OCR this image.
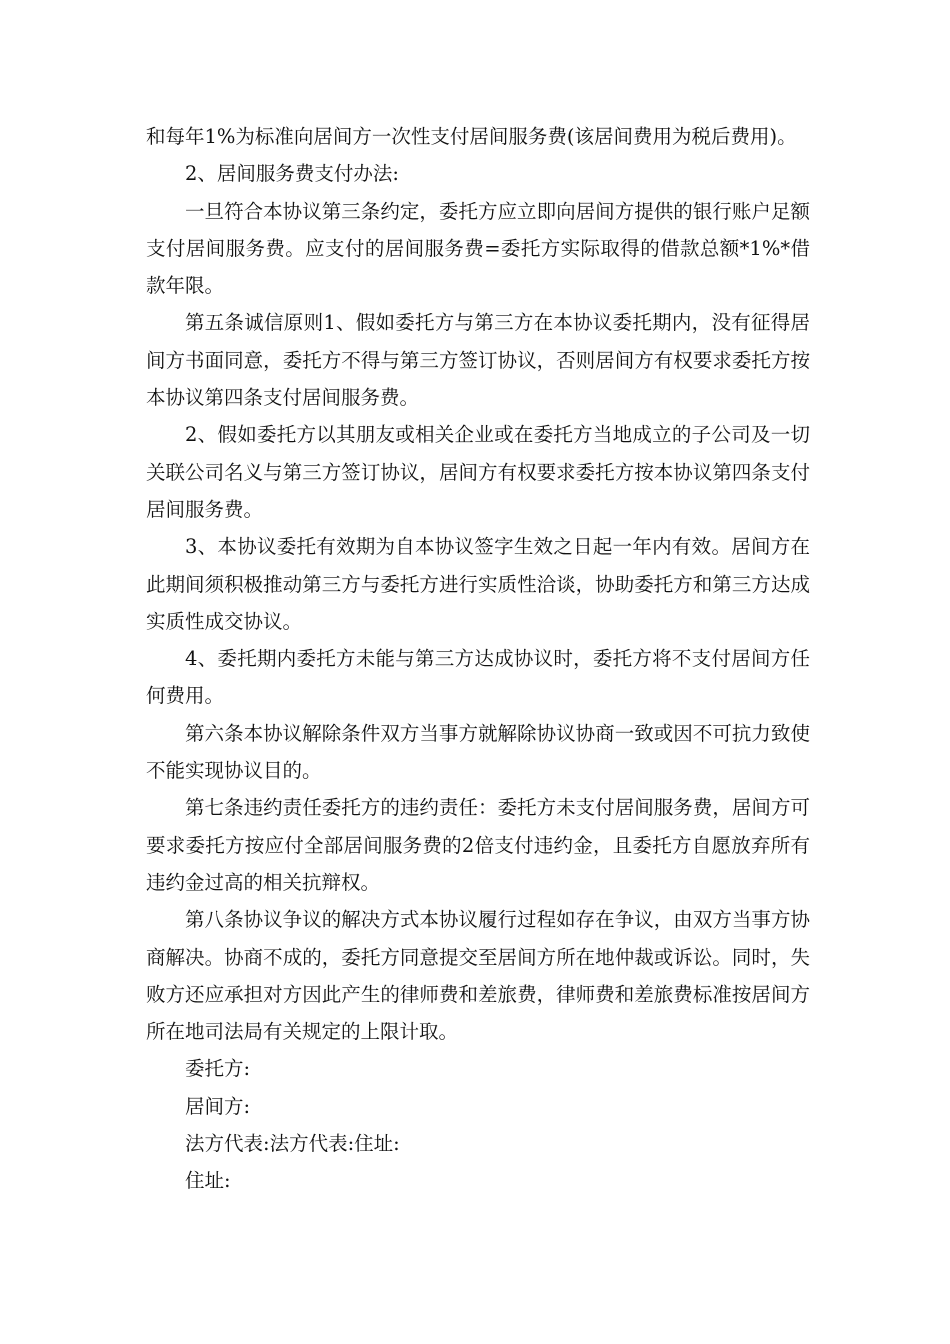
和每年1%为标准向居间方一次性支付居间服务费(该居间费用为税后费用)。

2、居间服务费支付办法:

一旦符合本协议第三条约定，委托方应立即向居间方提供的银行账户足额支付居间服务费。应支付的居间服务费=委托方实际取得的借款总额*1%*借款年限。

第五条诚信原则1、假如委托方与第三方在本协议委托期内，没有征得居间方书面同意，委托方不得与第三方签订协议，否则居间方有权要求委托方按本协议第四条支付居间服务费。

2、假如委托方以其朋友或相关企业或在委托方当地成立的子公司及一切关联公司名义与第三方签订协议，居间方有权要求委托方按本协议第四条支付居间服务费。

3、本协议委托有效期为自本协议签字生效之日起一年内有效。居间方在此期间须积极推动第三方与委托方进行实质性洽谈，协助委托方和第三方达成实质性成交协议。

4、委托期内委托方未能与第三方达成协议时，委托方将不支付居间方任何费用。

第六条本协议解除条件双方当事方就解除协议协商一致或因不可抗力致使不能实现协议目的。

第七条违约责任委托方的违约责任：委托方未支付居间服务费，居间方可要求委托方按应付全部居间服务费的2倍支付违约金，且委托方自愿放弃所有违约金过高的相关抗辩权。

第八条协议争议的解决方式本协议履行过程如存在争议，由双方当事方协商解决。协商不成的，委托方同意提交至居间方所在地仲裁或诉讼。同时，失败方还应承担对方因此产生的律师费和差旅费，律师费和差旅费标准按居间方所在地司法局有关规定的上限计取。

委托方:

居间方:

法方代表:法方代表:住址:

住址:
